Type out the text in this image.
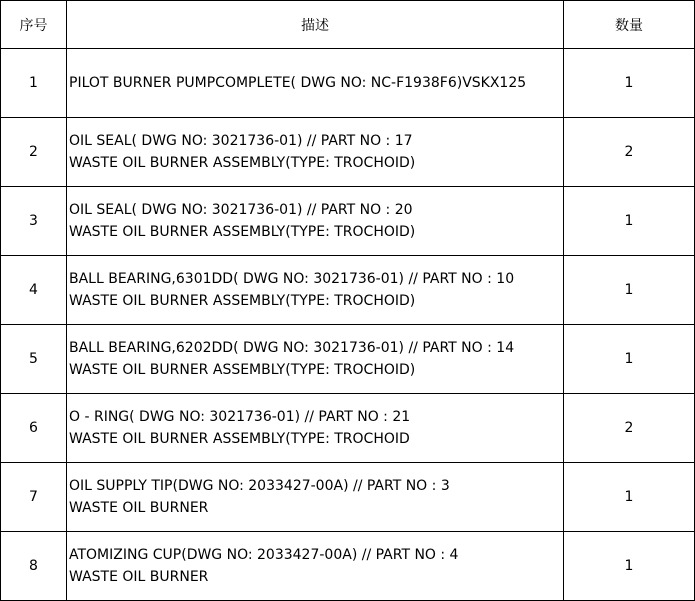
序号	描述	数量
1	PILOT BURNER PUMPCOMPLETE( DWG NO: NC-F1938F6)VSKX125	1
2	OIL SEAL( DWG NO: 3021736-01) // PART NO : 17
WASTE OIL BURNER ASSEMBLY(TYPE: TROCHOID)	2
3	OIL SEAL( DWG NO: 3021736-01) // PART NO : 20
WASTE OIL BURNER ASSEMBLY(TYPE: TROCHOID)	1
4	BALL BEARING,6301DD( DWG NO: 3021736-01) // PART NO : 10
WASTE OIL BURNER ASSEMBLY(TYPE: TROCHOID)	1
5	BALL BEARING,6202DD( DWG NO: 3021736-01) // PART NO : 14
WASTE OIL BURNER ASSEMBLY(TYPE: TROCHOID)	1
6	O - RING( DWG NO: 3021736-01) // PART NO : 21
WASTE OIL BURNER ASSEMBLY(TYPE: TROCHOID	2
7	OIL SUPPLY TIP(DWG NO: 2033427-00A) // PART NO : 3
WASTE OIL BURNER	1
8	ATOMIZING CUP(DWG NO: 2033427-00A) // PART NO : 4
WASTE OIL BURNER	1
